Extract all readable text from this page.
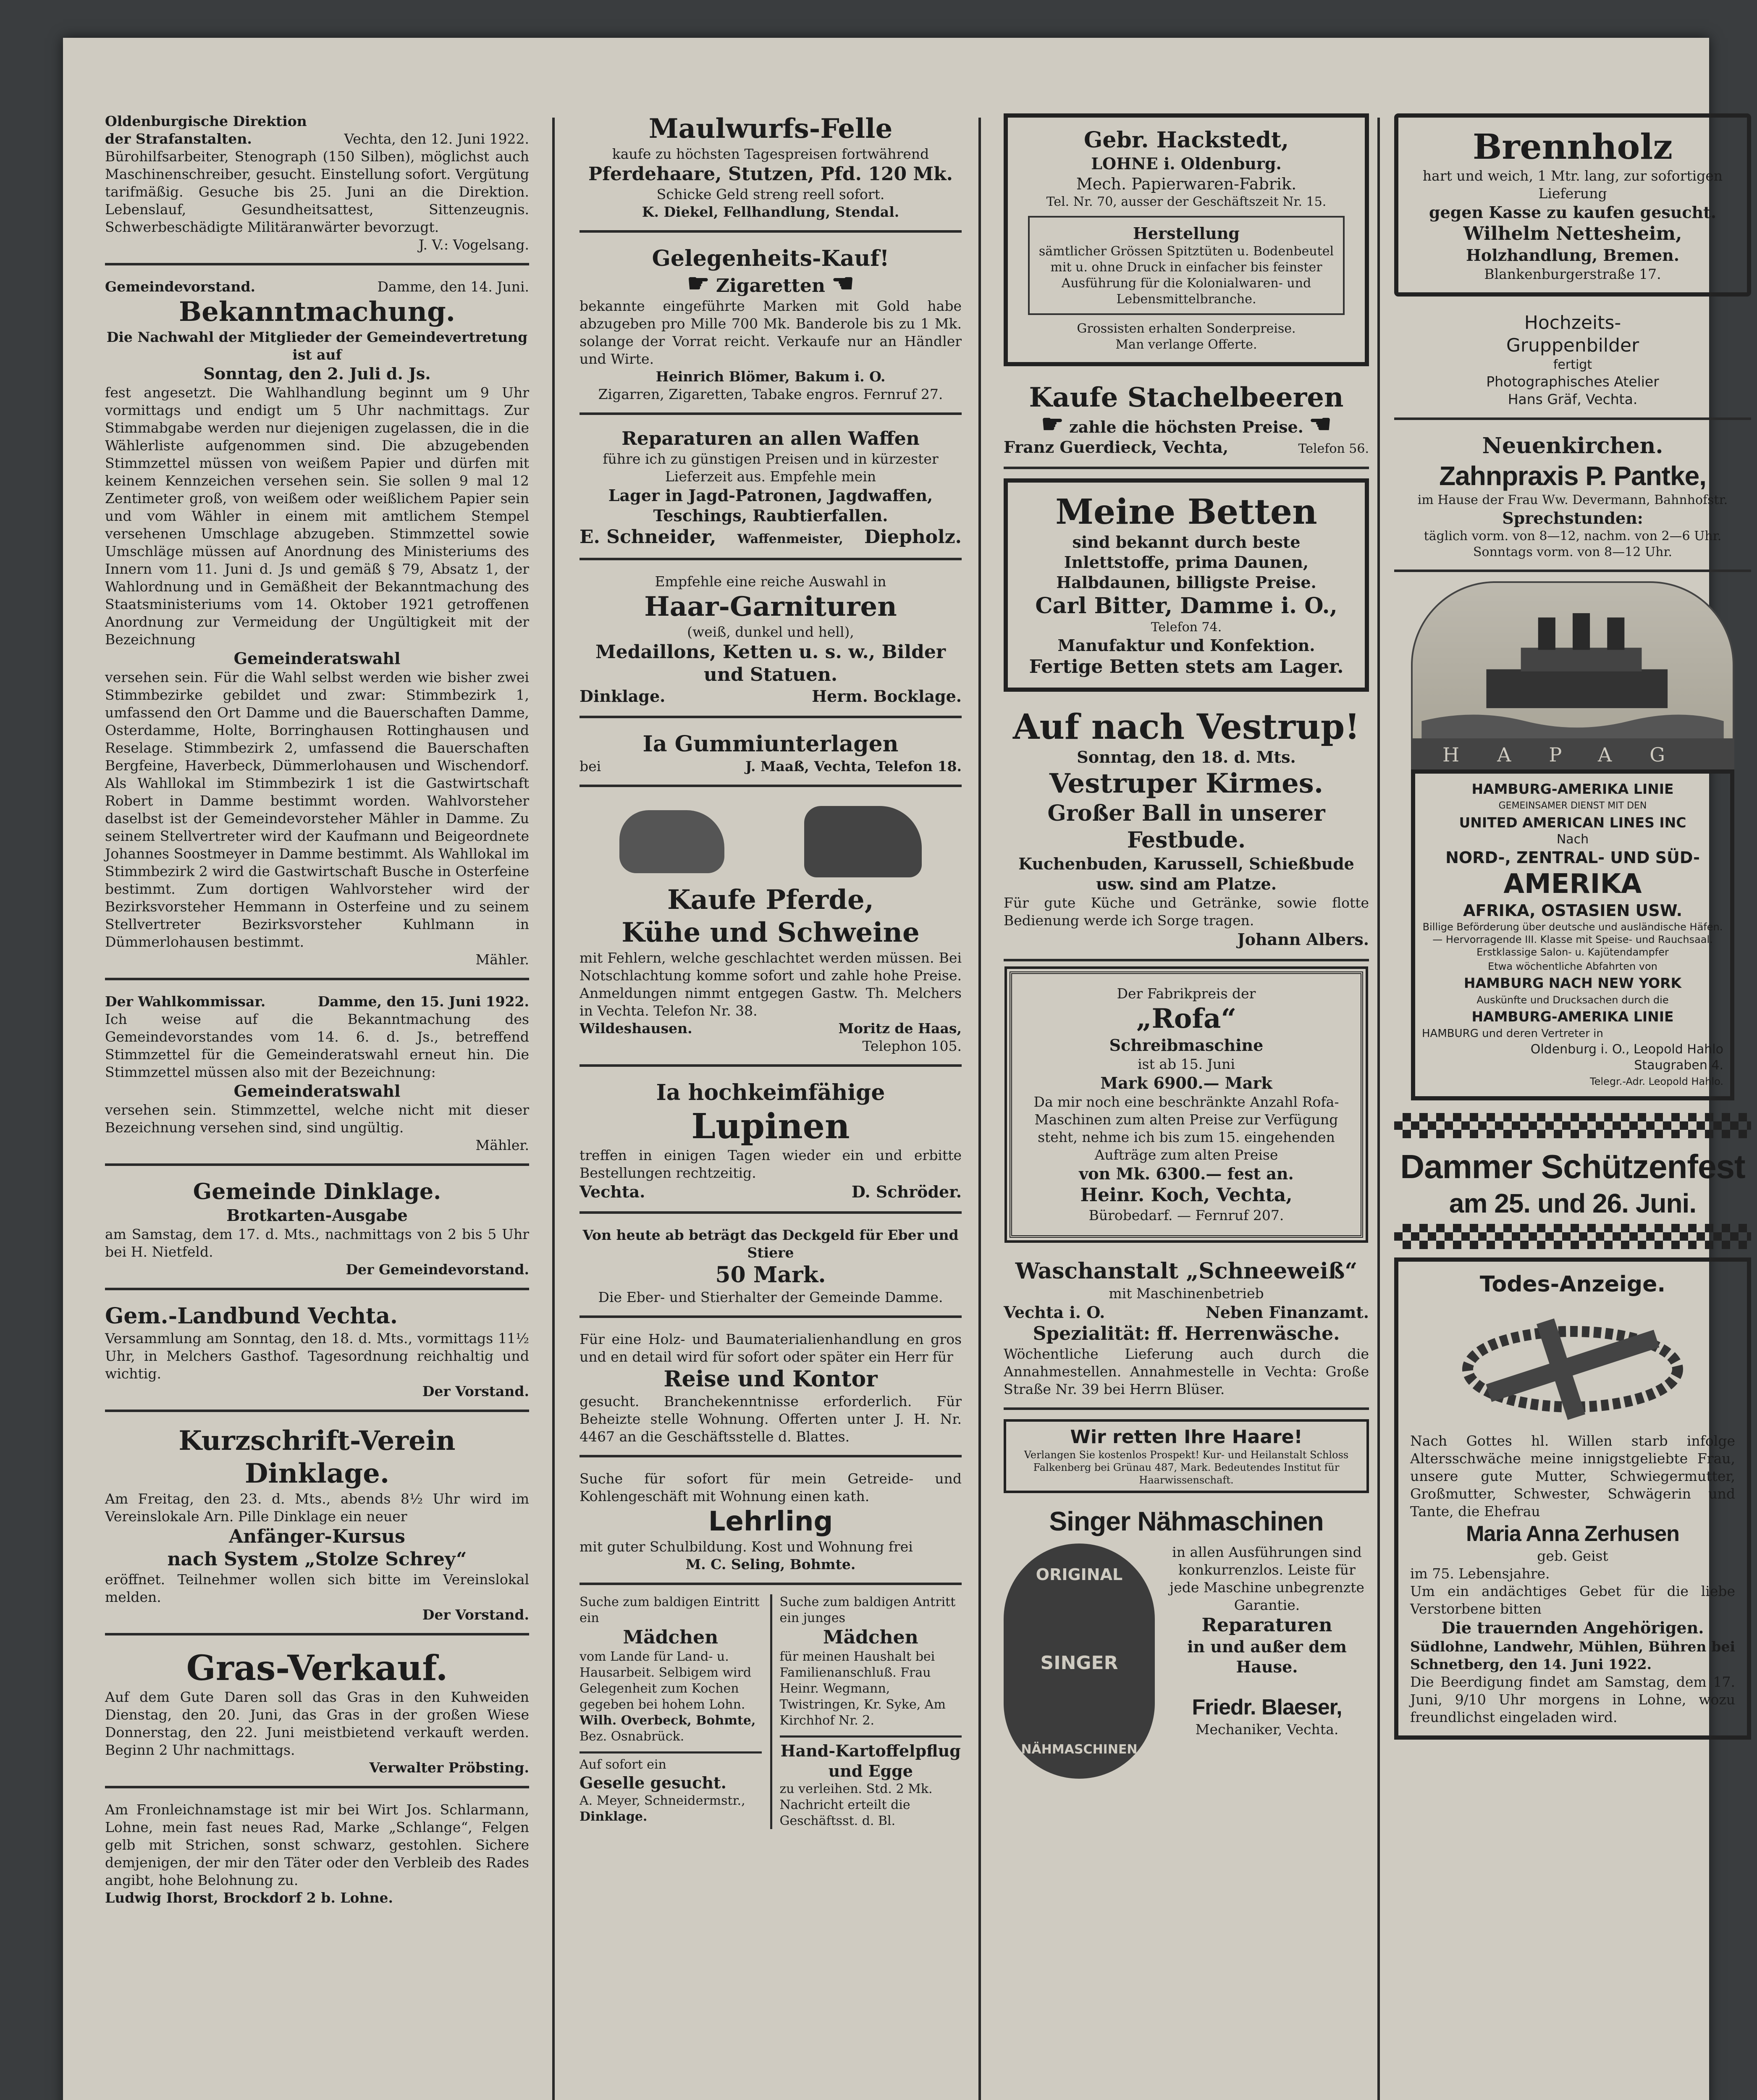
Oldenburgische Direktion
der Strafanstalten.	Vechta, den 12. Juni 1922.
Bürohilfsarbeiter, Stenograph (150 Silben), möglichst auch Maschinenschreiber, gesucht. Einstellung sofort. Vergütung tarifmäßig. Gesuche bis 25. Juni an die Direktion. Lebenslauf, Gesundheitsattest, Sittenzeugnis. Schwerbeschädigte Militäranwärter bevorzugt.
J. V.: Vogelsang.
Gemeindevorstand.	Damme, den 14. Juni.
Bekanntmachung.
Die Nachwahl der Mitglieder der Gemeindevertretung ist auf
Sonntag, den 2. Juli d. Js.
fest angesetzt. Die Wahlhandlung beginnt um 9 Uhr vormittags und endigt um 5 Uhr nachmittags. Zur Stimmabgabe werden nur diejenigen zugelassen, die in die Wählerliste aufgenommen sind. Die abzugebenden Stimmzettel müssen von weißem Papier und dürfen mit keinem Kennzeichen versehen sein. Sie sollen 9 mal 12 Zentimeter groß, von weißem oder weißlichem Papier sein und vom Wähler in einem mit amtlichem Stempel versehenen Umschlage abzugeben. Stimmzettel sowie Umschläge müssen auf Anordnung des Ministeriums des Innern vom 11. Juni d. Js und gemäß § 79, Absatz 1, der Wahlordnung und in Gemäßheit der Bekanntmachung des Staatsministeriums vom 14. Oktober 1921 getroffenen Anordnung zur Vermeidung der Ungültigkeit mit der Bezeichnung
Gemeinderatswahl
versehen sein. Für die Wahl selbst werden wie bisher zwei Stimmbezirke gebildet und zwar: Stimmbezirk 1, umfassend den Ort Damme und die Bauerschaften Damme, Osterdamme, Holte, Borringhausen Rottinghausen und Reselage. Stimmbezirk 2, umfassend die Bauerschaften Bergfeine, Haverbeck, Dümmerlohausen und Wischendorf. Als Wahllokal im Stimmbezirk 1 ist die Gastwirtschaft Robert in Damme bestimmt worden. Wahlvorsteher daselbst ist der Gemeindevorsteher Mähler in Damme. Zu seinem Stellvertreter wird der Kaufmann und Beigeordnete Johannes Soostmeyer in Damme bestimmt. Als Wahllokal im Stimmbezirk 2 wird die Gastwirtschaft Busche in Osterfeine bestimmt. Zum dortigen Wahlvorsteher wird der Bezirksvorsteher Hemmann in Osterfeine und zu seinem Stellvertreter Bezirksvorsteher Kuhlmann in Dümmerlohausen bestimmt.
Mähler.
Der Wahlkommissar.	Damme, den 15. Juni 1922.
Ich weise auf die Bekanntmachung des Gemeindevorstandes vom 14. 6. d. Js., betreffend Stimmzettel für die Gemeinderatswahl erneut hin. Die Stimmzettel müssen also mit der Bezeichnung:
Gemeinderatswahl
versehen sein. Stimmzettel, welche nicht mit dieser Bezeichnung versehen sind, sind ungültig.
Mähler.
Gemeinde Dinklage.
Brotkarten-Ausgabe
am Samstag, dem 17. d. Mts., nachmittags von 2 bis 5 Uhr bei H. Nietfeld.
Der Gemeindevorstand.
Gem.-Landbund Vechta.
Versammlung am Sonntag, den 18. d. Mts., vormittags 11½ Uhr, in Melchers Gasthof. Tagesordnung reichhaltig und wichtig.
Der Vorstand.
Kurzschrift-Verein
Dinklage.
Am Freitag, den 23. d. Mts., abends 8½ Uhr wird im Vereinslokale Arn. Pille Dinklage ein neuer
Anfänger-Kursus
nach System „Stolze Schrey“
eröffnet. Teilnehmer wollen sich bitte im Vereinslokal melden.
Der Vorstand.
Gras-Verkauf.
Auf dem Gute Daren soll das Gras in den Kuhweiden Dienstag, den 20. Juni, das Gras in der großen Wiese Donnerstag, den 22. Juni meistbietend verkauft werden. Beginn 2 Uhr nachmittags.
Verwalter Pröbsting.
Am Fronleichnamstage ist mir bei Wirt Jos. Schlarmann, Lohne, mein fast neues Rad, Marke „Schlange“, Felgen gelb mit Strichen, sonst schwarz, gestohlen. Sichere demjenigen, der mir den Täter oder den Verbleib des Rades angibt, hohe Belohnung zu.
Ludwig Ihorst, Brockdorf 2 b. Lohne.
Maulwurfs-Felle
kaufe zu höchsten Tagespreisen fortwährend
Pferdehaare, Stutzen, Pfd. 120 Mk.
Schicke Geld streng reell sofort.
K. Diekel, Fellhandlung, Stendal.
Gelegenheits-Kauf!
☛ Zigaretten ☚
bekannte eingeführte Marken mit Gold habe abzugeben pro Mille 700 Mk. Banderole bis zu 1 Mk. solange der Vorrat reicht. Verkaufe nur an Händler und Wirte.
Heinrich Blömer, Bakum i. O.
Zigarren, Zigaretten, Tabake engros. Fernruf 27.
Reparaturen an allen Waffen
führe ich zu günstigen Preisen und in kürzester Lieferzeit aus. Empfehle mein
Lager in Jagd-Patronen, Jagdwaffen, Teschings, Raubtierfallen.
E. Schneider, Waffenmeister, Diepholz.
Empfehle eine reiche Auswahl in
Haar-Garnituren
(weiß, dunkel und hell),
Medaillons, Ketten u. s. w., Bilder und Statuen.
Dinklage.	Herm. Bocklage.
Ia Gummiunterlagen
bei	J. Maaß, Vechta, Telefon 18.
Kaufe Pferde,
Kühe und Schweine
mit Fehlern, welche geschlachtet werden müssen. Bei Notschlachtung komme sofort und zahle hohe Preise. Anmeldungen nimmt entgegen Gastw. Th. Melchers in Vechta. Telefon Nr. 38.
Wildeshausen.	Moritz de Haas,
Telephon 105.
Ia hochkeimfähige
Lupinen
treffen in einigen Tagen wieder ein und erbitte Bestellungen rechtzeitig.
Vechta.	D. Schröder.
Von heute ab beträgt das Deckgeld für Eber und Stiere
50 Mark.
Die Eber- und Stierhalter der Gemeinde Damme.
Für eine Holz- und Baumaterialienhandlung en gros und en detail wird für sofort oder später ein Herr für
Reise und Kontor
gesucht. Branchekenntnisse erforderlich. Für Beheizte stelle Wohnung. Offerten unter J. H. Nr. 4467 an die Geschäftsstelle d. Blattes.
Suche für sofort für mein Getreide- und Kohlengeschäft mit Wohnung einen kath.
Lehrling
mit guter Schulbildung. Kost und Wohnung frei
M. C. Seling, Bohmte.
Suche zum baldigen Eintritt ein
Mädchen
vom Lande für Land- u. Hausarbeit. Selbigem wird Gelegenheit zum Kochen gegeben bei hohem Lohn.
Wilh. Overbeck, Bohmte,
Bez. Osnabrück.
Auf sofort ein
Geselle gesucht.
A. Meyer, Schneidermstr.,
Dinklage.
Suche zum baldigen Antritt ein junges
Mädchen
für meinen Haushalt bei Familienanschluß. Frau Heinr. Wegmann, Twistringen, Kr. Syke, Am Kirchhof Nr. 2.
Hand-Kartoffelpflug
und Egge
zu verleihen. Std. 2 Mk. Nachricht erteilt die Geschäftsst. d. Bl.
Gebr. Hackstedt,
LOHNE i. Oldenburg.
Mech. Papierwaren-Fabrik.
Tel. Nr. 70, ausser der Geschäftszeit Nr. 15.
Herstellung
sämtlicher Grössen Spitztüten u. Bodenbeutel mit u. ohne Druck in einfacher bis feinster Ausführung für die Kolonialwaren- und Lebensmittelbranche.
Grossisten erhalten Sonderpreise.
Man verlange Offerte.
Kaufe Stachelbeeren
☛ zahle die höchsten Preise. ☚
Franz Guerdieck, Vechta,	Telefon 56.
Meine Betten
sind bekannt durch beste Inlettstoffe, prima Daunen, Halbdaunen, billigste Preise.
Carl Bitter, Damme i. O.,
Telefon 74.
Manufaktur und Konfektion.
Fertige Betten stets am Lager.
Auf nach Vestrup!
Sonntag, den 18. d. Mts.
Vestruper Kirmes.
Großer Ball in unserer Festbude.
Kuchenbuden, Karussell, Schießbude usw. sind am Platze.
Für gute Küche und Getränke, sowie flotte Bedienung werde ich Sorge tragen.
Johann Albers.
Der Fabrikpreis der
„Rofa“
Schreibmaschine
ist ab 15. Juni
Mark 6900.— Mark
Da mir noch eine beschränkte Anzahl Rofa-Maschinen zum alten Preise zur Verfügung steht, nehme ich bis zum 15. eingehenden Aufträge zum alten Preise
von Mk. 6300.— fest an.
Heinr. Koch, Vechta,
Bürobedarf. — Fernruf 207.
Waschanstalt „Schneeweiß“
mit Maschinenbetrieb
Vechta i. O.	Neben Finanzamt.
Spezialität: ff. Herrenwäsche.
Wöchentliche Lieferung auch durch die Annahmestellen. Annahmestelle in Vechta: Große Straße Nr. 39 bei Herrn Blüser.
Wir retten Ihre Haare!
Verlangen Sie kostenlos Prospekt! Kur- und Heilanstalt Schloss Falkenberg bei Grünau 487, Mark. Bedeutendes Institut für Haarwissenschaft.
Singer Nähmaschinen
ORIGINAL
SINGER
NÄHMASCHINEN
in allen Ausführungen sind konkurrenzlos. Leiste für jede Maschine unbegrenzte Garantie.
Reparaturen
in und außer dem Hause.
Friedr. Blaeser,
Mechaniker, Vechta.
Brennholz
hart und weich, 1 Mtr. lang, zur sofortigen Lieferung
gegen Kasse zu kaufen gesucht.
Wilhelm Nettesheim,
Holzhandlung, Bremen.
Blankenburgerstraße 17.
Hochzeits-
Gruppenbilder
fertigt
Photographisches Atelier
Hans Gräf, Vechta.
Neuenkirchen.
Zahnpraxis P. Pantke,
im Hause der Frau Ww. Devermann, Bahnhofstr.
Sprechstunden:
täglich vorm. von 8—12, nachm. von 2—6 Uhr.
Sonntags vorm. von 8—12 Uhr.
HAPAG
HAMBURG-AMERIKA LINIE
GEMEINSAMER DIENST MIT DEN
UNITED AMERICAN LINES INC
Nach
NORD-, ZENTRAL- UND SÜD-
AMERIKA
AFRIKA, OSTASIEN USW.
Billige Beförderung über deutsche und ausländische Häfen. — Hervorragende III. Klasse mit Speise- und Rauchsaal. Erstklassige Salon- u. Kajütendampfer
Etwa wöchentliche Abfahrten von
HAMBURG NACH NEW YORK
Auskünfte und Drucksachen durch die
HAMBURG-AMERIKA LINIE
HAMBURG und deren Vertreter in
Oldenburg i. O., Leopold Hahlo
Staugraben 4.
Telegr.-Adr. Leopold Hahlo.
Dammer Schützenfest
am 25. und 26. Juni.
Todes-Anzeige.
Nach Gottes hl. Willen starb infolge Altersschwäche meine innigstgeliebte Frau, unsere gute Mutter, Schwiegermutter, Großmutter, Schwester, Schwägerin und Tante, die Ehefrau
Maria Anna Zerhusen
geb. Geist
im 75. Lebensjahre.
Um ein andächtiges Gebet für die liebe Verstorbene bitten
Die trauernden Angehörigen.
Südlohne, Landwehr, Mühlen, Bühren bei Schnetberg, den 14. Juni 1922.
Die Beerdigung findet am Samstag, dem 17. Juni, 9/10 Uhr morgens in Lohne, wozu freundlichst eingeladen wird.
